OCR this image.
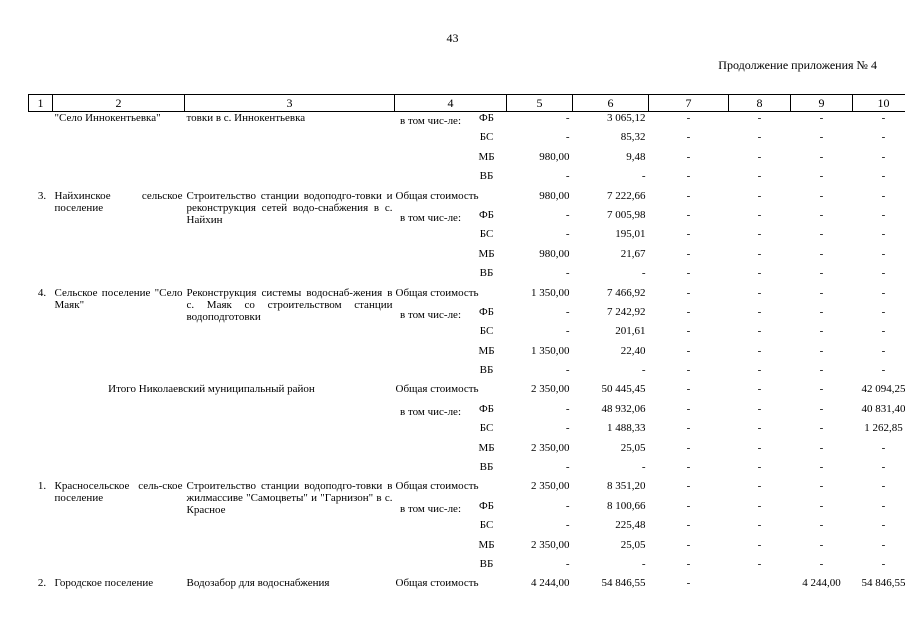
43
Продолжение приложения № 4
1	2	3	4		5	6	7	8	9	10
	"Село Иннокентьевка"	товки в с. Иннокентьевка	в том чис-ле:	ФБ	-	3 065,12	-	-	-	-
				БС	-	85,32	-	-	-	-
				МБ	980,00	9,48	-	-	-	-
				ВБ	-	-	-	-	-	-
3.	Найхинское сельское поселение	Строительство станции водоподго-товки и реконструкция сетей водо-снабжения в с. Найхин	Общая стоимость		980,00	7 222,66	-	-	-	-
			в том чис-ле:	ФБ	-	7 005,98	-	-	-	-
				БС	-	195,01	-	-	-	-
				МБ	980,00	21,67	-	-	-	-
				ВБ	-	-	-	-	-	-
4.	Сельское поселение "Село Маяк"	Реконструкция системы водоснаб-жения в с. Маяк со строительством станции водоподготовки	Общая стоимость		1 350,00	7 466,92	-	-	-	-
			в том чис-ле:	ФБ	-	7 242,92	-	-	-	-
				БС	-	201,61	-	-	-	-
				МБ	1 350,00	22,40	-	-	-	-
				ВБ	-	-	-	-	-	-
Итого Николаевский муниципальный район			Общая стоимость		2 350,00	50 445,45	-	-	-	42 094,25
			в том чис-ле:	ФБ	-	48 932,06	-	-	-	40 831,40
				БС	-	1 488,33	-	-	-	1 262,85
				МБ	2 350,00	25,05	-	-	-	-
				ВБ	-	-	-	-	-	-
1.	Красносельское сель-ское поселение	Строительство станции водоподго-товки в жилмассиве "Самоцветы" и "Гарнизон" в с. Красное	Общая стоимость		2 350,00	8 351,20	-	-	-	-
			в том чис-ле:	ФБ	-	8 100,66	-	-	-	-
				БС	-	225,48	-	-	-	-
				МБ	2 350,00	25,05	-	-	-	-
				ВБ	-	-	-	-	-	-
2.	Городское поселение	Водозабор для водоснабжения	Общая стоимость		4 244,00	54 846,55	-		4 244,00	54 846,55
